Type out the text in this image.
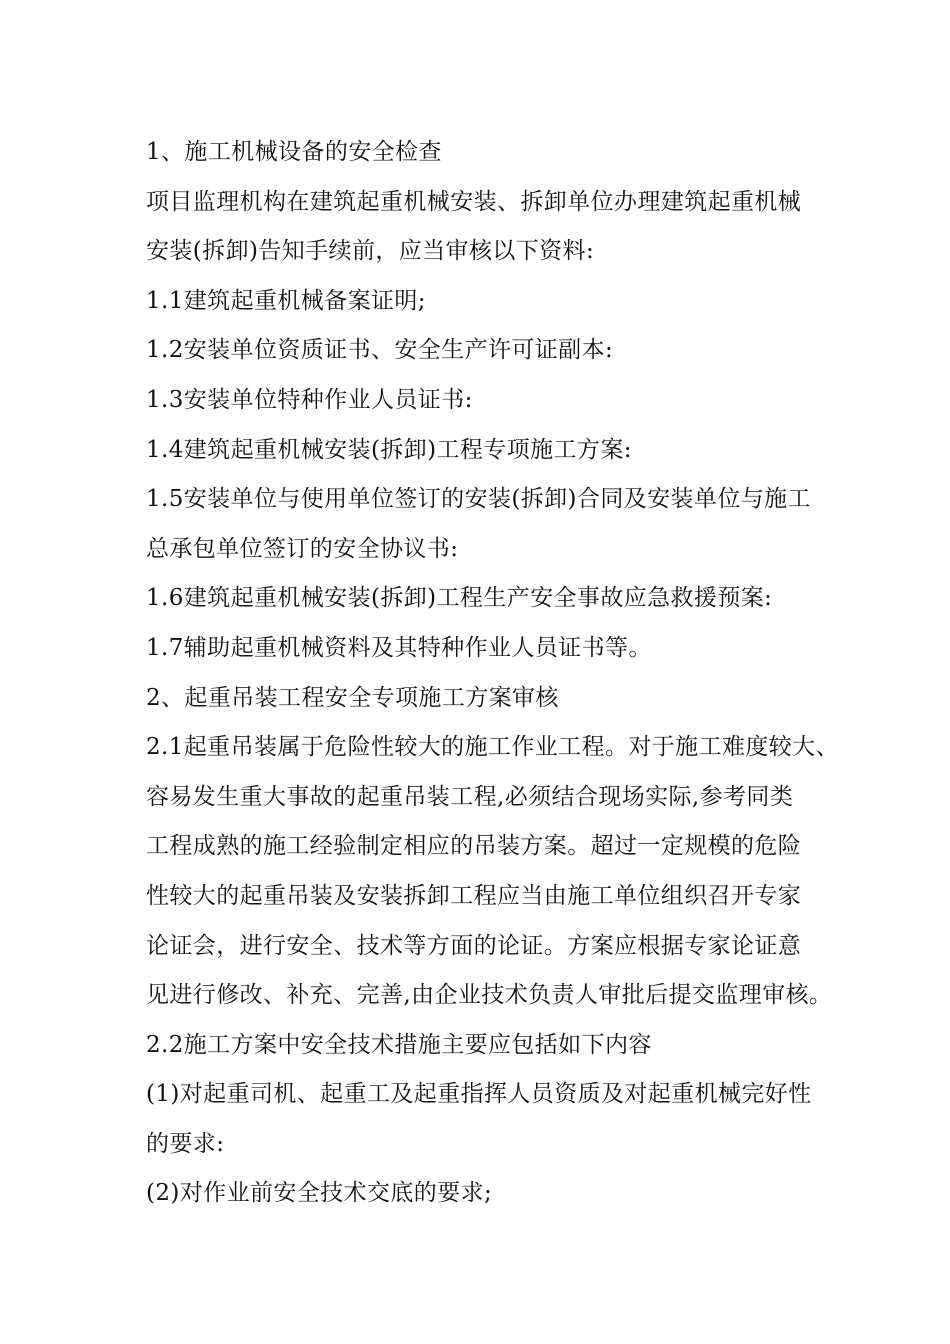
1、施工机械设备的安全检查
项目监理机构在建筑起重机械安装、拆卸单位办理建筑起重机械
安装(拆卸)告知手续前，应当审核以下资料:
1.1建筑起重机械备案证明;
1.2安装单位资质证书、安全生产许可证副本:
1.3安装单位特种作业人员证书:
1.4建筑起重机械安装(拆卸)工程专项施工方案:
1.5安装单位与使用单位签订的安装(拆卸)合同及安装单位与施工
总承包单位签订的安全协议书:
1.6建筑起重机械安装(拆卸)工程生产安全事故应急救援预案:
1.7辅助起重机械资料及其特种作业人员证书等。
2、起重吊装工程安全专项施工方案审核
2.1起重吊装属于危险性较大的施工作业工程。对于施工难度较大、
容易发生重大事故的起重吊装工程,必须结合现场实际,参考同类
工程成熟的施工经验制定相应的吊装方案。超过一定规模的危险
性较大的起重吊装及安装拆卸工程应当由施工单位组织召开专家
论证会，进行安全、技术等方面的论证。方案应根据专家论证意
见进行修改、补充、完善,由企业技术负责人审批后提交监理审核。
2.2施工方案中安全技术措施主要应包括如下内容
(1)对起重司机、起重工及起重指挥人员资质及对起重机械完好性
的要求:
(2)对作业前安全技术交底的要求;
